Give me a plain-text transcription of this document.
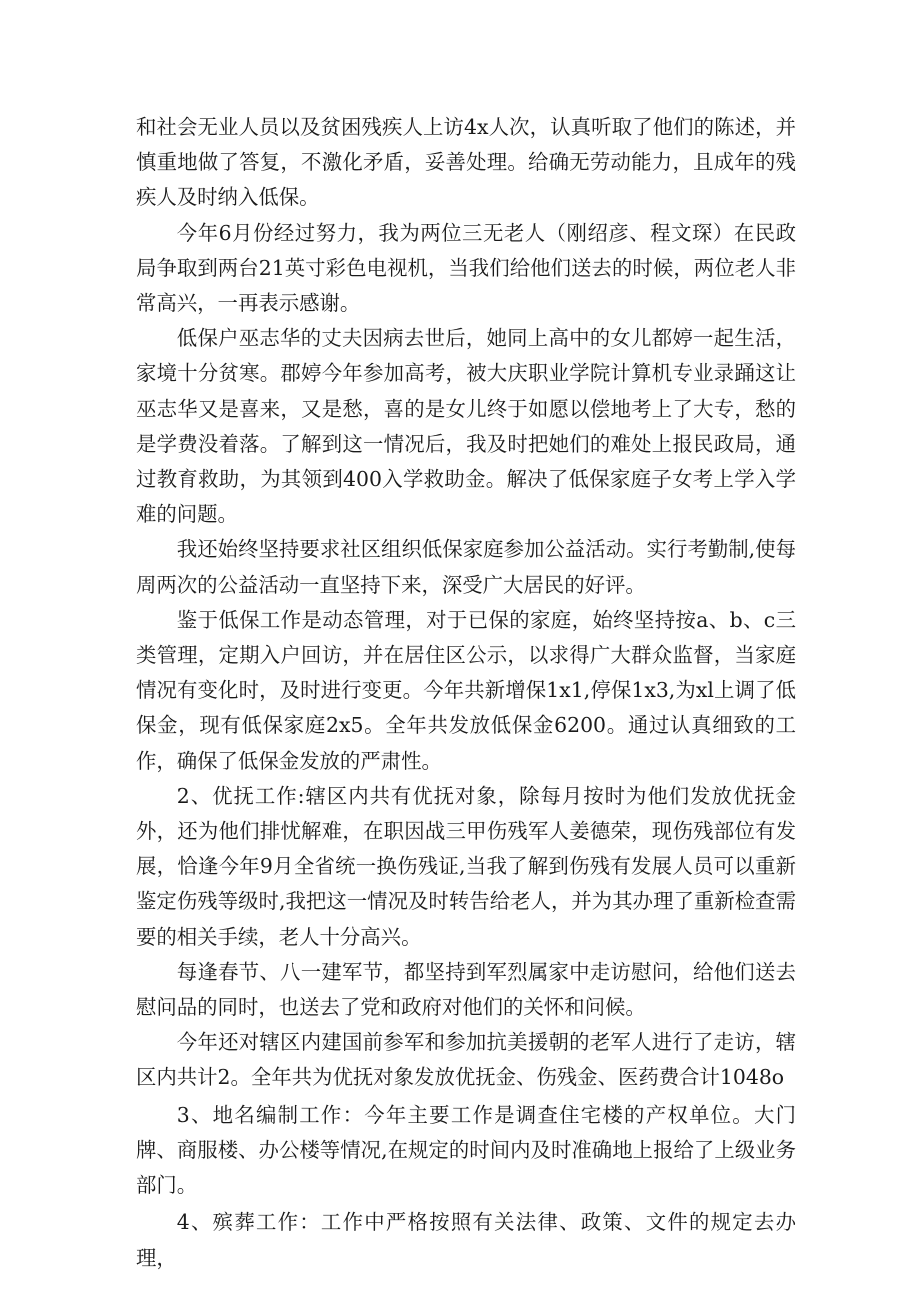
和社会无业人员以及贫困残疾人上访4x人次，认真听取了他们的陈述，并慎重地做了答复，不激化矛盾，妥善处理。给确无劳动能力，且成年的残疾人及时纳入低保。

今年6月份经过努力，我为两位三无老人（刚绍彦、程文琛）在民政局争取到两台21英寸彩色电视机，当我们给他们送去的时候，两位老人非常高兴，一再表示感谢。

低保户巫志华的丈夫因病去世后，她同上高中的女儿都婷一起生活，家境十分贫寒。郡婷今年参加高考，被大庆职业学院计算机专业录踊这让巫志华又是喜来，又是愁，喜的是女儿终于如愿以偿地考上了大专，愁的是学费没着落。了解到这一情况后，我及时把她们的难处上报民政局，通过教育救助，为其领到400入学救助金。解决了低保家庭子女考上学入学难的问题。

我还始终坚持要求社区组织低保家庭参加公益活动。实行考勤制,使每周两次的公益活动一直坚持下来，深受广大居民的好评。

鉴于低保工作是动态管理，对于已保的家庭，始终坚持按a、b、c三类管理，定期入户回访，并在居住区公示，以求得广大群众监督，当家庭情况有变化时，及时进行变更。今年共新增保1x1,停保1x3,为xl上调了低保金，现有低保家庭2x5。全年共发放低保金6200。通过认真细致的工作，确保了低保金发放的严肃性。

2、优抚工作:辖区内共有优抚对象，除每月按时为他们发放优抚金外，还为他们排忧解难，在职因战三甲伤残军人姜德荣，现伤残部位有发展，恰逢今年9月全省统一换伤残证,当我了解到伤残有发展人员可以重新鉴定伤残等级时,我把这一情况及时转告给老人，并为其办理了重新检查需要的相关手续，老人十分高兴。

每逢春节、八一建军节，都坚持到军烈属家中走访慰问，给他们送去慰问品的同时，也送去了党和政府对他们的关怀和问候。

今年还对辖区内建国前参军和参加抗美援朝的老军人进行了走访，辖区内共计2。全年共为优抚对象发放优抚金、伤残金、医药费合计1048o

3、地名编制工作：今年主要工作是调查住宅楼的产权单位。大门牌、商服楼、办公楼等情况,在规定的时间内及时准确地上报给了上级业务部门。

4、殡葬工作：工作中严格按照有关法律、政策、文件的规定去办理，
